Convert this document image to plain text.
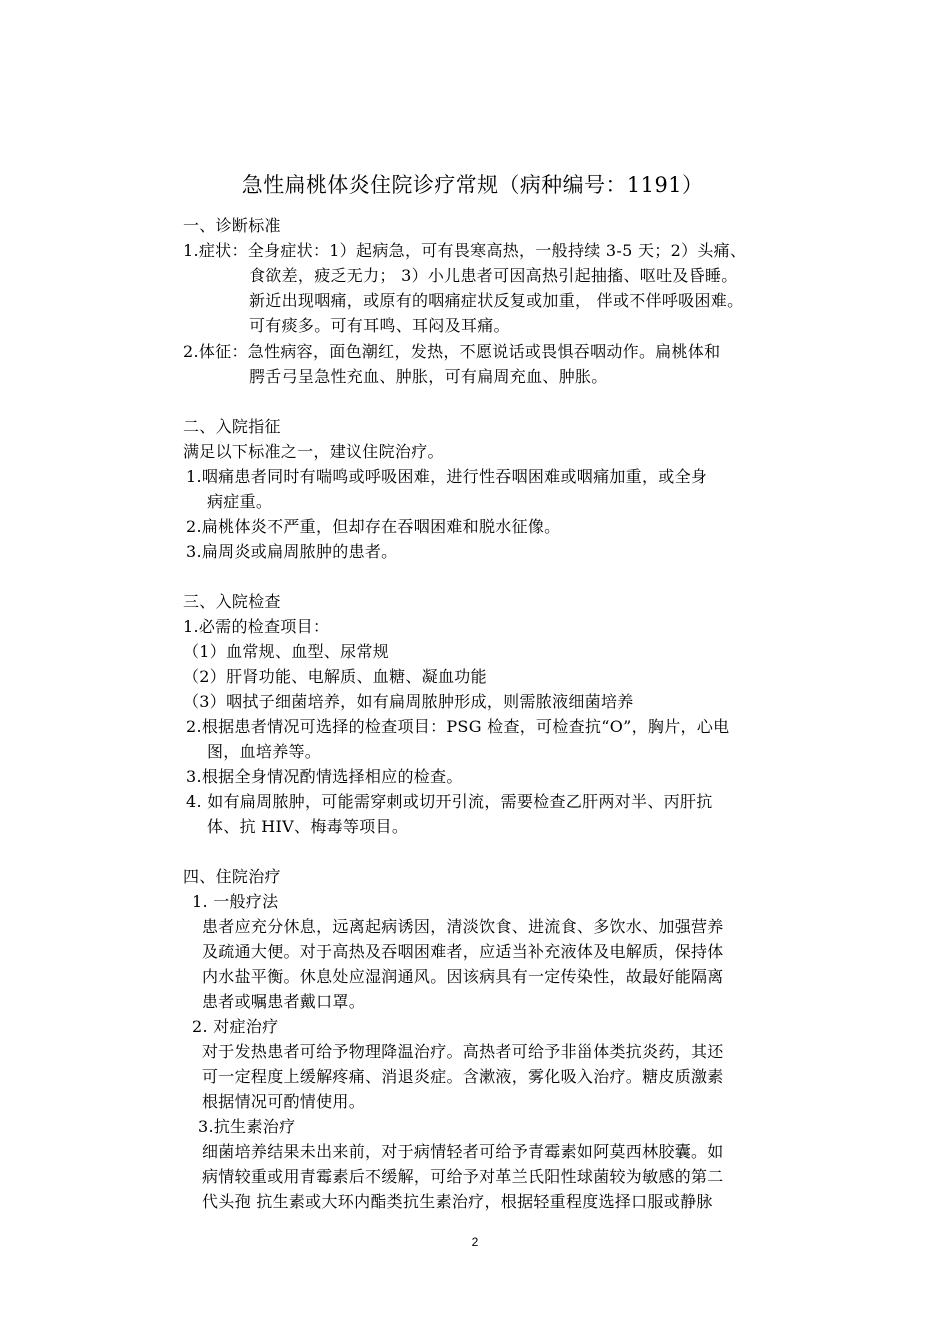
急性扁桃体炎住院诊疗常规（病种编号：1191）
一、诊断标准
1.症状：全身症状：1）起病急，可有畏寒高热，一般持续 3-5 天；2）头痛、
食欲差，疲乏无力； 3）小儿患者可因高热引起抽搐、呕吐及昏睡。
新近出现咽痛，或原有的咽痛症状反复或加重， 伴或不伴呼吸困难。
可有痰多。可有耳鸣、耳闷及耳痛。
2.体征：急性病容，面色潮红，发热，不愿说话或畏惧吞咽动作。扁桃体和
腭舌弓呈急性充血、肿胀，可有扁周充血、肿胀。
二、入院指征
满足以下标准之一，建议住院治疗。
1.咽痛患者同时有喘鸣或呼吸困难，进行性吞咽困难或咽痛加重，或全身
病症重。
2.扁桃体炎不严重，但却存在吞咽困难和脱水征像。
3.扁周炎或扁周脓肿的患者。
三、入院检查
1.必需的检查项目：
（1）血常规、血型、尿常规
（2）肝肾功能、电解质、血糖、凝血功能
（3）咽拭子细菌培养，如有扁周脓肿形成，则需脓液细菌培养
2.根据患者情况可选择的检查项目：PSG 检查，可检查抗“O”，胸片，心电
图，血培养等。
3.根据全身情况酌情选择相应的检查。
4. 如有扁周脓肿，可能需穿刺或切开引流，需要检查乙肝两对半、丙肝抗
体、抗 HIV、梅毒等项目。
四、住院治疗
1. 一般疗法
患者应充分休息，远离起病诱因，清淡饮食、进流食、多饮水、加强营养
及疏通大便。对于高热及吞咽困难者，应适当补充液体及电解质，保持体
内水盐平衡。休息处应湿润通风。因该病具有一定传染性，故最好能隔离
患者或嘱患者戴口罩。
2. 对症治疗
对于发热患者可给予物理降温治疗。高热者可给予非甾体类抗炎药，其还
可一定程度上缓解疼痛、消退炎症。含漱液，雾化吸入治疗。糖皮质激素
根据情况可酌情使用。
3.抗生素治疗
细菌培养结果未出来前，对于病情轻者可给予青霉素如阿莫西林胶囊。如
病情较重或用青霉素后不缓解，可给予对革兰氏阳性球菌较为敏感的第二
代头孢 抗生素或大环内酯类抗生素治疗，根据轻重程度选择口服或静脉
2
